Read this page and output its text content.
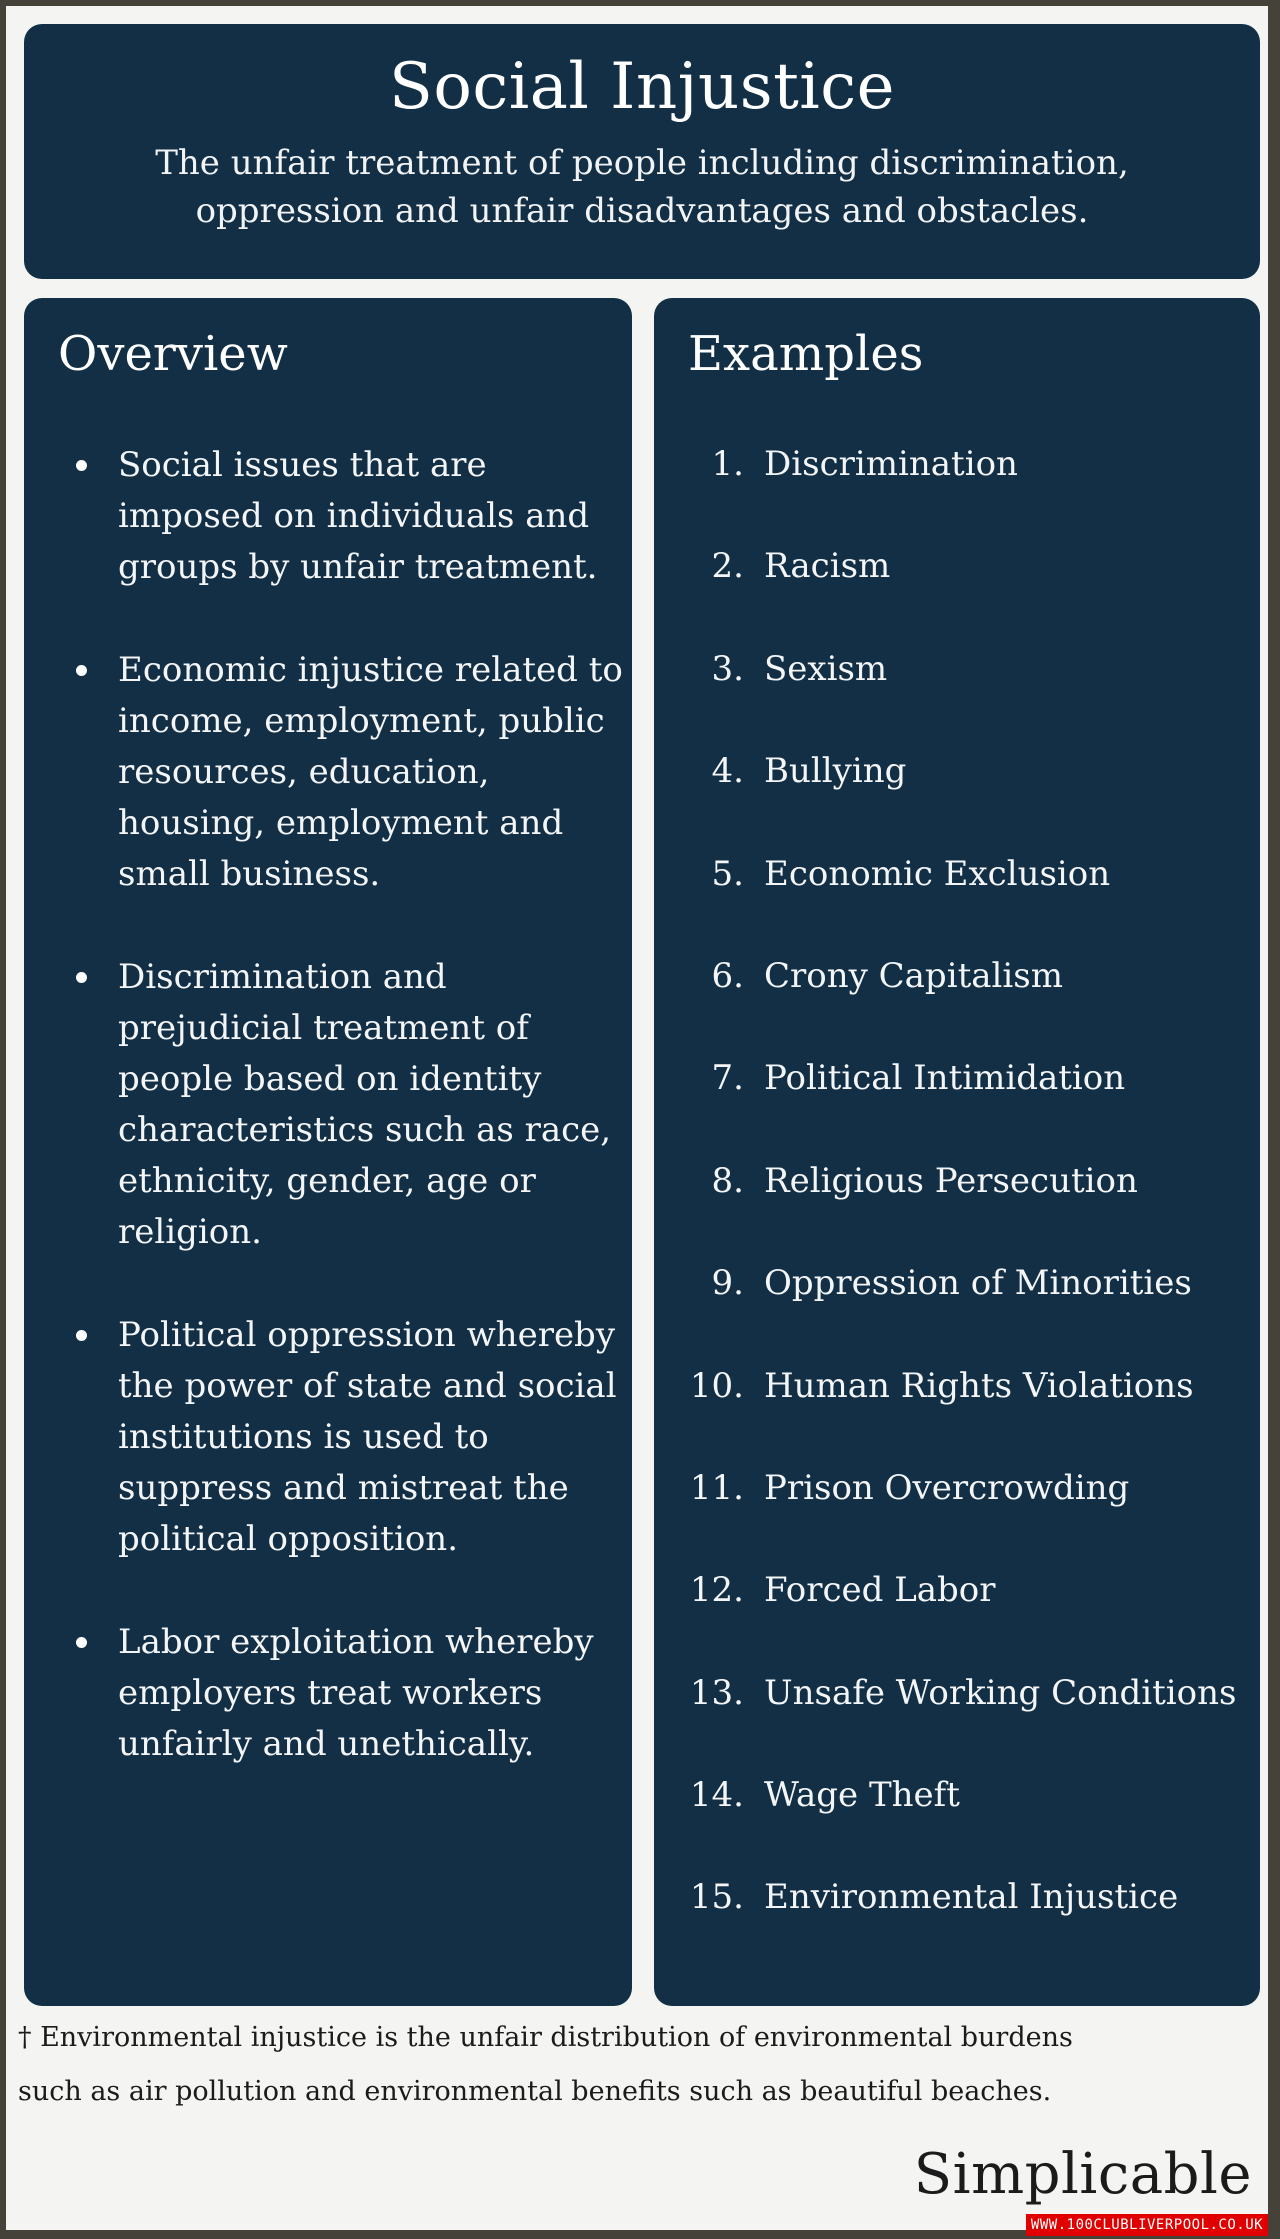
Social Injustice

The unfair treatment of people including discrimination, oppression and unfair disadvantages and obstacles.

Overview
Social issues that are imposed on individuals and groups by unfair treatment.
Economic injustice related to income, employment, public resources, education, housing, employment and small business.
Discrimination and prejudicial treatment of people based on identity characteristics such as race, ethnicity, gender, age or religion.
Political oppression whereby the power of state and social institutions is used to suppress and mistreat the political opposition.
Labor exploitation whereby employers treat workers unfairly and unethically.
Examples
1. Discrimination
2. Racism
3. Sexism
4. Bullying
5. Economic Exclusion
6. Crony Capitalism
7. Political Intimidation
8. Religious Persecution
9. Oppression of Minorities
10. Human Rights Violations
11. Prison Overcrowding
12. Forced Labor
13. Unsafe Working Conditions
14. Wage Theft
15. Environmental Injustice
† Environmental injustice is the unfair distribution of environmental burdens such as air pollution and environmental benefits such as beautiful beaches.
Simplicable
WWW.100CLUBLIVERPOOL.CO.UK
